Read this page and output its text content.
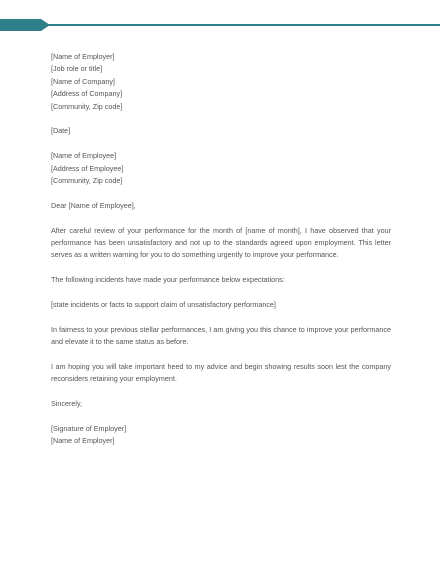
[Name of Employer]
[Job role or title]
[Name of Company]
[Address of Company]
[Community, Zip code]
[Date]
[Name of Employee]
[Address of Employee]
[Community, Zip code]
Dear [Name of Employee],

After careful review of your performance for the month of [name of month], I have observed that your performance has been unsatisfactory and not up to the standards agreed upon employment. This letter serves as a written warning for you to do something urgently to improve your performance.

The following incidents have made your performance below expectations:

[state incidents or facts to support claim of unsatisfactory performance]

In fairness to your previous stellar performances, I am giving you this chance to improve your performance and elevate it to the same status as before.

I am hoping you will take important heed to my advice and begin showing results soon lest the company reconsiders retaining your employment.

Sincerely,
[Signature of Employer]
[Name of Employer]
